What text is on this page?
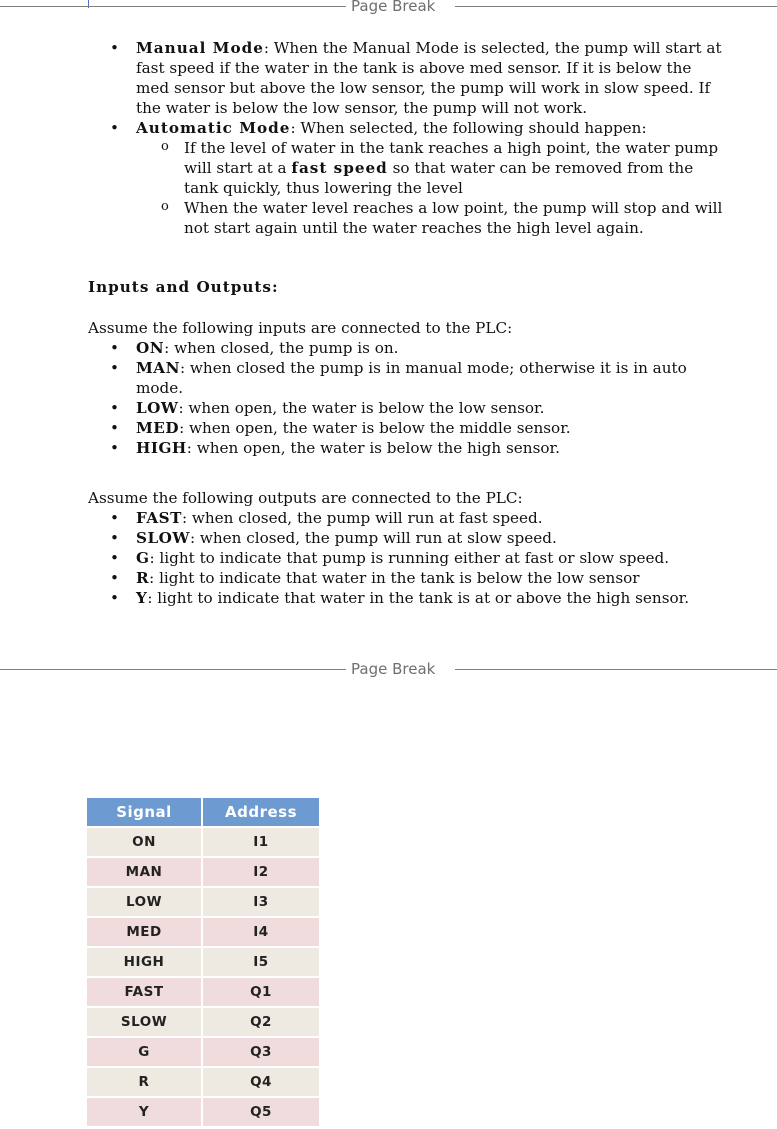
Page Break
• Manual Mode: When the Manual Mode is selected, the pump will start at fast speed if the water in the tank is above med sensor. If it is below the med sensor but above the low sensor, the pump will work in slow speed. If the water is below the low sensor, the pump will not work.
• Automatic Mode: When selected, the following should happen:
o If the level of water in the tank reaches a high point, the water pump will start at a fast speed so that water can be removed from the tank quickly, thus lowering the level
o When the water level reaches a low point, the pump will stop and will not start again until the water reaches the high level again.
Inputs and Outputs:
Assume the following inputs are connected to the PLC:
• ON: when closed, the pump is on.
• MAN: when closed the pump is in manual mode; otherwise it is in auto mode.
• LOW: when open, the water is below the low sensor.
• MED: when open, the water is below the middle sensor.
• HIGH: when open, the water is below the high sensor.
Assume the following outputs are connected to the PLC:
• FAST: when closed, the pump will run at fast speed.
• SLOW: when closed, the pump will run at slow speed.
• G: light to indicate that pump is running either at fast or slow speed.
• R: light to indicate that water in the tank is below the low sensor
• Y: light to indicate that water in the tank is at or above the high sensor.
Page Break
Signal	Address
ON	I1
MAN	I2
LOW	I3
MED	I4
HIGH	I5
FAST	Q1
SLOW	Q2
G	Q3
R	Q4
Y	Q5
